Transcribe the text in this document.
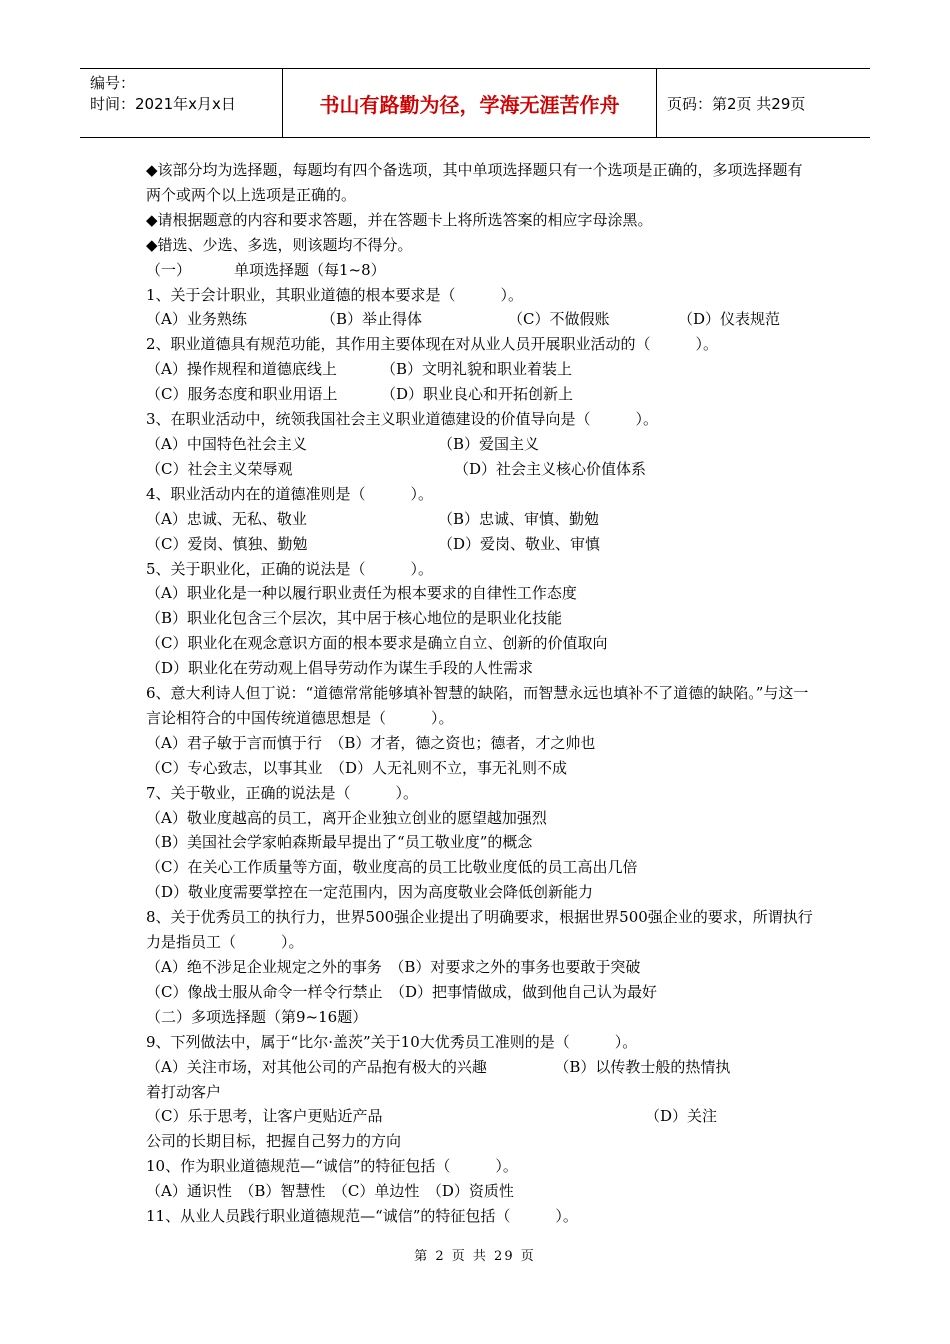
编号：
时间：2021年x月x日	书山有路勤为径，学海无涯苦作舟	页码：第2页 共29页
◆该部分均为选择题，每题均有四个备选项，其中单项选择题只有一个选项是正确的，多项选择题有两个或两个以上选项是正确的。
◆请根据题意的内容和要求答题，并在答题卡上将所选答案的相应字母涂黑。
◆错选、少选、多选，则该题均不得分。
（一）	单项选择题（每1~8）
1、关于会计职业，其职业道德的根本要求是（　　　）。
（A）业务熟练	（B）举止得体	（C）不做假账	（D）仪表规范
2、职业道德具有规范功能，其作用主要体现在对从业人员开展职业活动的（　　　）。
（A）操作规程和道德底线上	（B）文明礼貌和职业着装上
（C）服务态度和职业用语上	（D）职业良心和开拓创新上
3、在职业活动中，统领我国社会主义职业道德建设的价值导向是（　　　）。
（A）中国特色社会主义	（B）爱国主义
（C）社会主义荣辱观	（D）社会主义核心价值体系
4、职业活动内在的道德准则是（　　　）。
（A）忠诚、无私、敬业	（B）忠诚、审慎、勤勉
（C）爱岗、慎独、勤勉	（D）爱岗、敬业、审慎
5、关于职业化，正确的说法是（　　　）。
（A）职业化是一种以履行职业责任为根本要求的自律性工作态度
（B）职业化包含三个层次，其中居于核心地位的是职业化技能
（C）职业化在观念意识方面的根本要求是确立自立、创新的价值取向
（D）职业化在劳动观上倡导劳动作为谋生手段的人性需求
6、意大利诗人但丁说：“道德常常能够填补智慧的缺陷，而智慧永远也填补不了道德的缺陷。”与这一言论相符合的中国传统道德思想是（　　　）。
（A）君子敏于言而慎于行　（B）才者，德之资也；德者，才之帅也
（C）专心致志，以事其业　（D）人无礼则不立，事无礼则不成
7、关于敬业，正确的说法是（　　　）。
（A）敬业度越高的员工，离开企业独立创业的愿望越加强烈
（B）美国社会学家帕森斯最早提出了“员工敬业度”的概念
（C）在关心工作质量等方面，敬业度高的员工比敬业度低的员工高出几倍
（D）敬业度需要掌控在一定范围内，因为高度敬业会降低创新能力
8、关于优秀员工的执行力，世界500强企业提出了明确要求，根据世界500强企业的要求，所谓执行力是指员工（　　　）。
（A）绝不涉足企业规定之外的事务　（B）对要求之外的事务也要敢于突破
（C）像战士服从命令一样令行禁止　（D）把事情做成，做到他自己认为最好
（二）多项选择题（第9~16题）
9、下列做法中，属于“比尔·盖茨”关于10大优秀员工准则的是（　　　）。
（A）关注市场，对其他公司的产品抱有极大的兴趣　　　　　（B）以传教士般的热情执
着打动客户
（C）乐于思考，让客户更贴近产品　　　　　　　　　　　　　　　　　　（D）关注
公司的长期目标，把握自己努力的方向
10、作为职业道德规范—“诚信”的特征包括（　　　）。
（A）通识性　（B）智慧性　（C）单边性　（D）资质性
11、从业人员践行职业道德规范—“诚信”的特征包括（　　　）。
第 2 页 共 29 页
